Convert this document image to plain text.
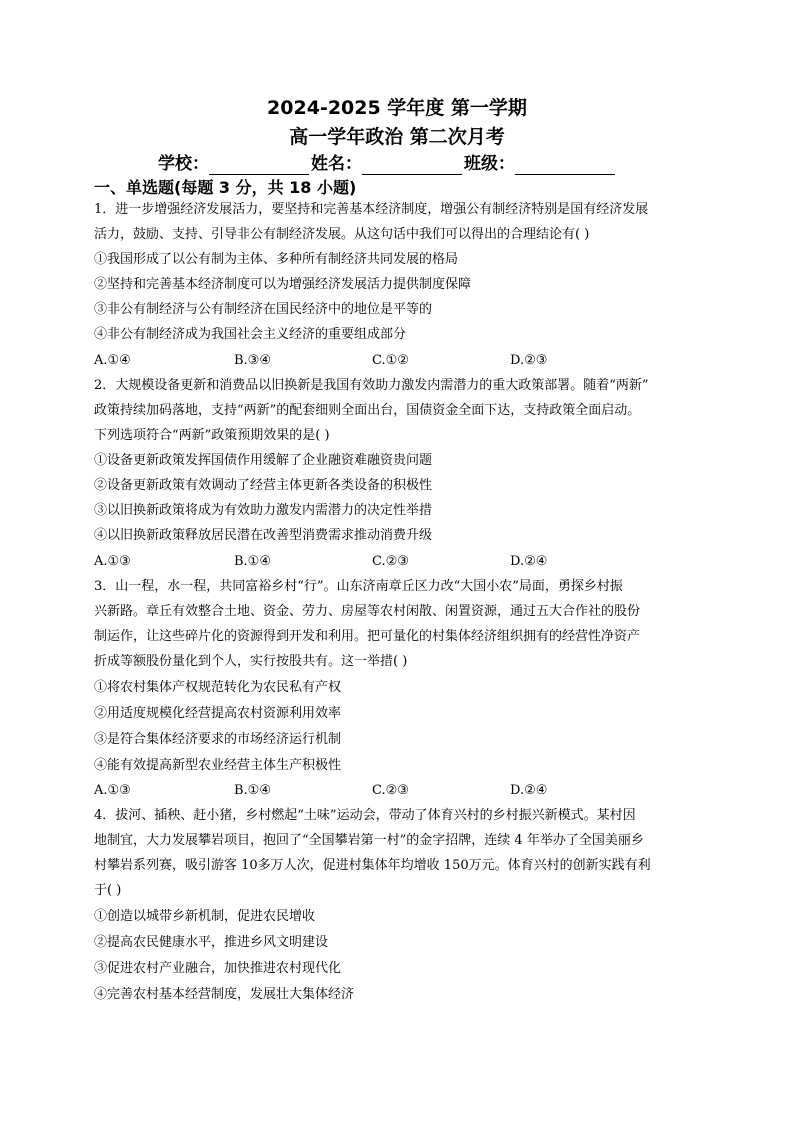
2024-2025 学年度 第一学期
高一学年政治 第二次月考
学校：	姓名：	班级：
一、单选题(每题 3 分，共 18 小题)
1．进一步增强经济发展活力，要坚持和完善基本经济制度，增强公有制经济特别是国有经济发展
活力，鼓励、支持、引导非公有制经济发展。从这句话中我们可以得出的合理结论有( )
①我国形成了以公有制为主体、多种所有制经济共同发展的格局
②坚持和完善基本经济制度可以为增强经济发展活力提供制度保障
③非公有制经济与公有制经济在国民经济中的地位是平等的
④非公有制经济成为我国社会主义经济的重要组成部分
A.①④	B.③④	C.①②	D.②③
2．大规模设备更新和消费品以旧换新是我国有效助力激发内需潜力的重大政策部署。随着“两新”
政策持续加码落地，支持“两新”的配套细则全面出台，国债资金全面下达，支持政策全面启动。
下列选项符合“两新”政策预期效果的是( )
①设备更新政策发挥国债作用缓解了企业融资难融资贵问题
②设备更新政策有效调动了经营主体更新各类设备的积极性
③以旧换新政策将成为有效助力激发内需潜力的决定性举措
④以旧换新政策释放居民潜在改善型消费需求推动消费升级
A.①③	B.①④	C.②③	D.②④
3．山一程，水一程，共同富裕乡村“行”。山东济南章丘区力改“大国小农”局面，勇探乡村振
兴新路。章丘有效整合土地、资金、劳力、房屋等农村闲散、闲置资源，通过五大合作社的股份
制运作，让这些碎片化的资源得到开发和利用。把可量化的村集体经济组织拥有的经营性净资产
折成等额股份量化到个人，实行按股共有。这一举措( )
①将农村集体产权规范转化为农民私有产权
②用适度规模化经营提高农村资源利用效率
③是符合集体经济要求的市场经济运行机制
④能有效提高新型农业经营主体生产积极性
A.①③	B.①④	C.②③	D.②④
4．拔河、插秧、赶小猪，乡村燃起“土味”运动会，带动了体育兴村的乡村振兴新模式。某村因
地制宜，大力发展攀岩项目，抱回了“全国攀岩第一村”的金字招牌，连续 4 年举办了全国美丽乡
村攀岩系列赛，吸引游客 10多万人次，促进村集体年均增收 150万元。体育兴村的创新实践有利
于( )
①创造以城带乡新机制，促进农民增收
②提高农民健康水平，推进乡风文明建设
③促进农村产业融合，加快推进农村现代化
④完善农村基本经营制度，发展壮大集体经济
